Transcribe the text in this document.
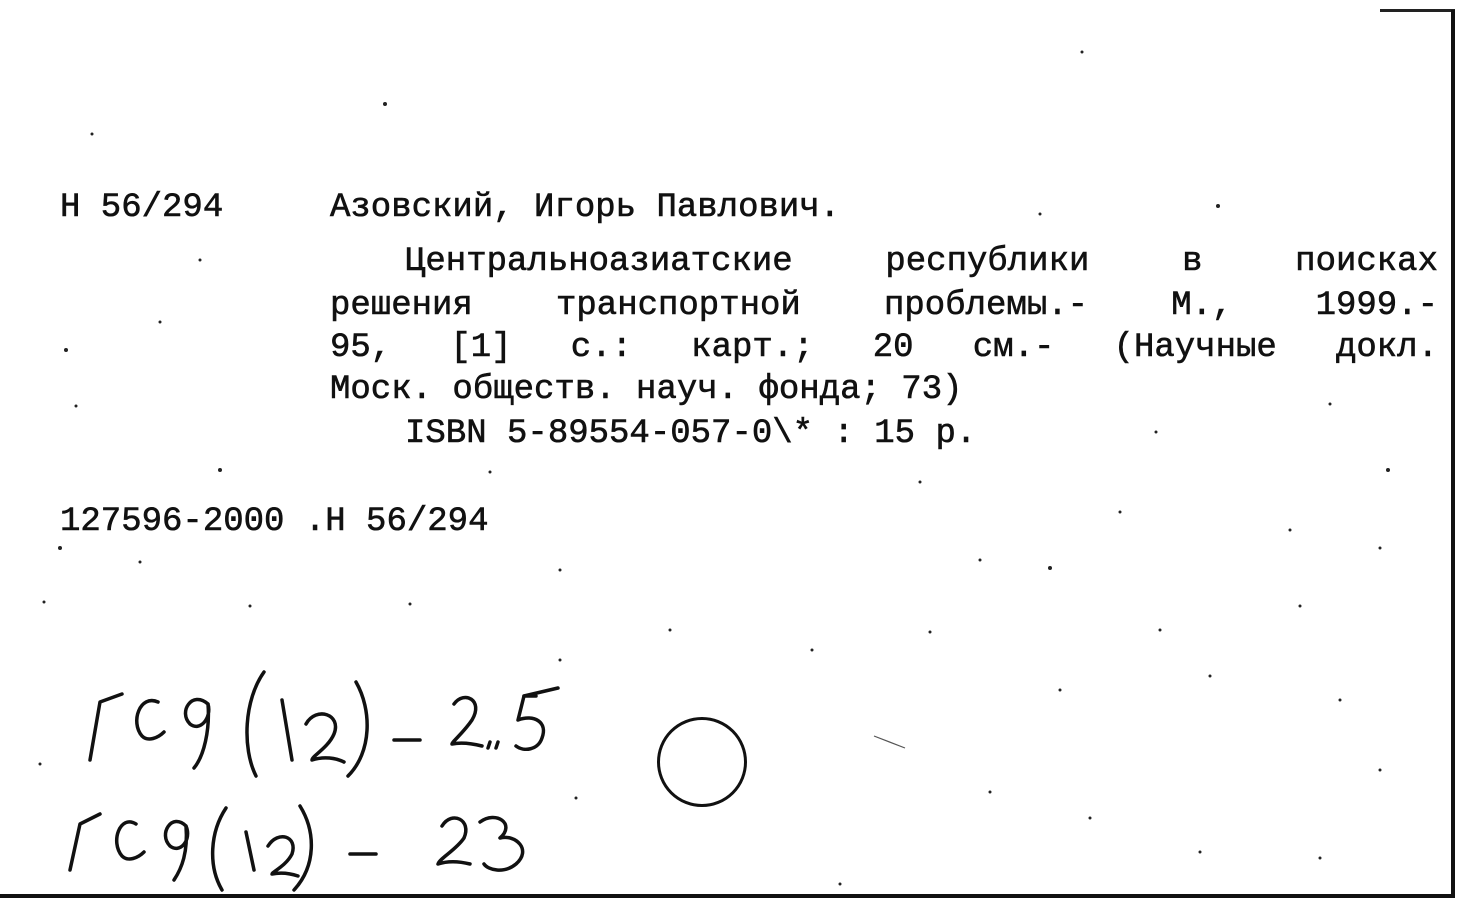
Н 56/294	Азовский, Игорь Павлович.
Центральноазиатские республики в поисках
решения транспортной проблемы.- М., 1999.-
95, [1] с.: карт.; 20 см.- (Научные докл.
Моск. обществ. науч. фонда; 73)
ISBN 5-89554-057-0\* : 15 р.
127596-2000 .Н 56/294
